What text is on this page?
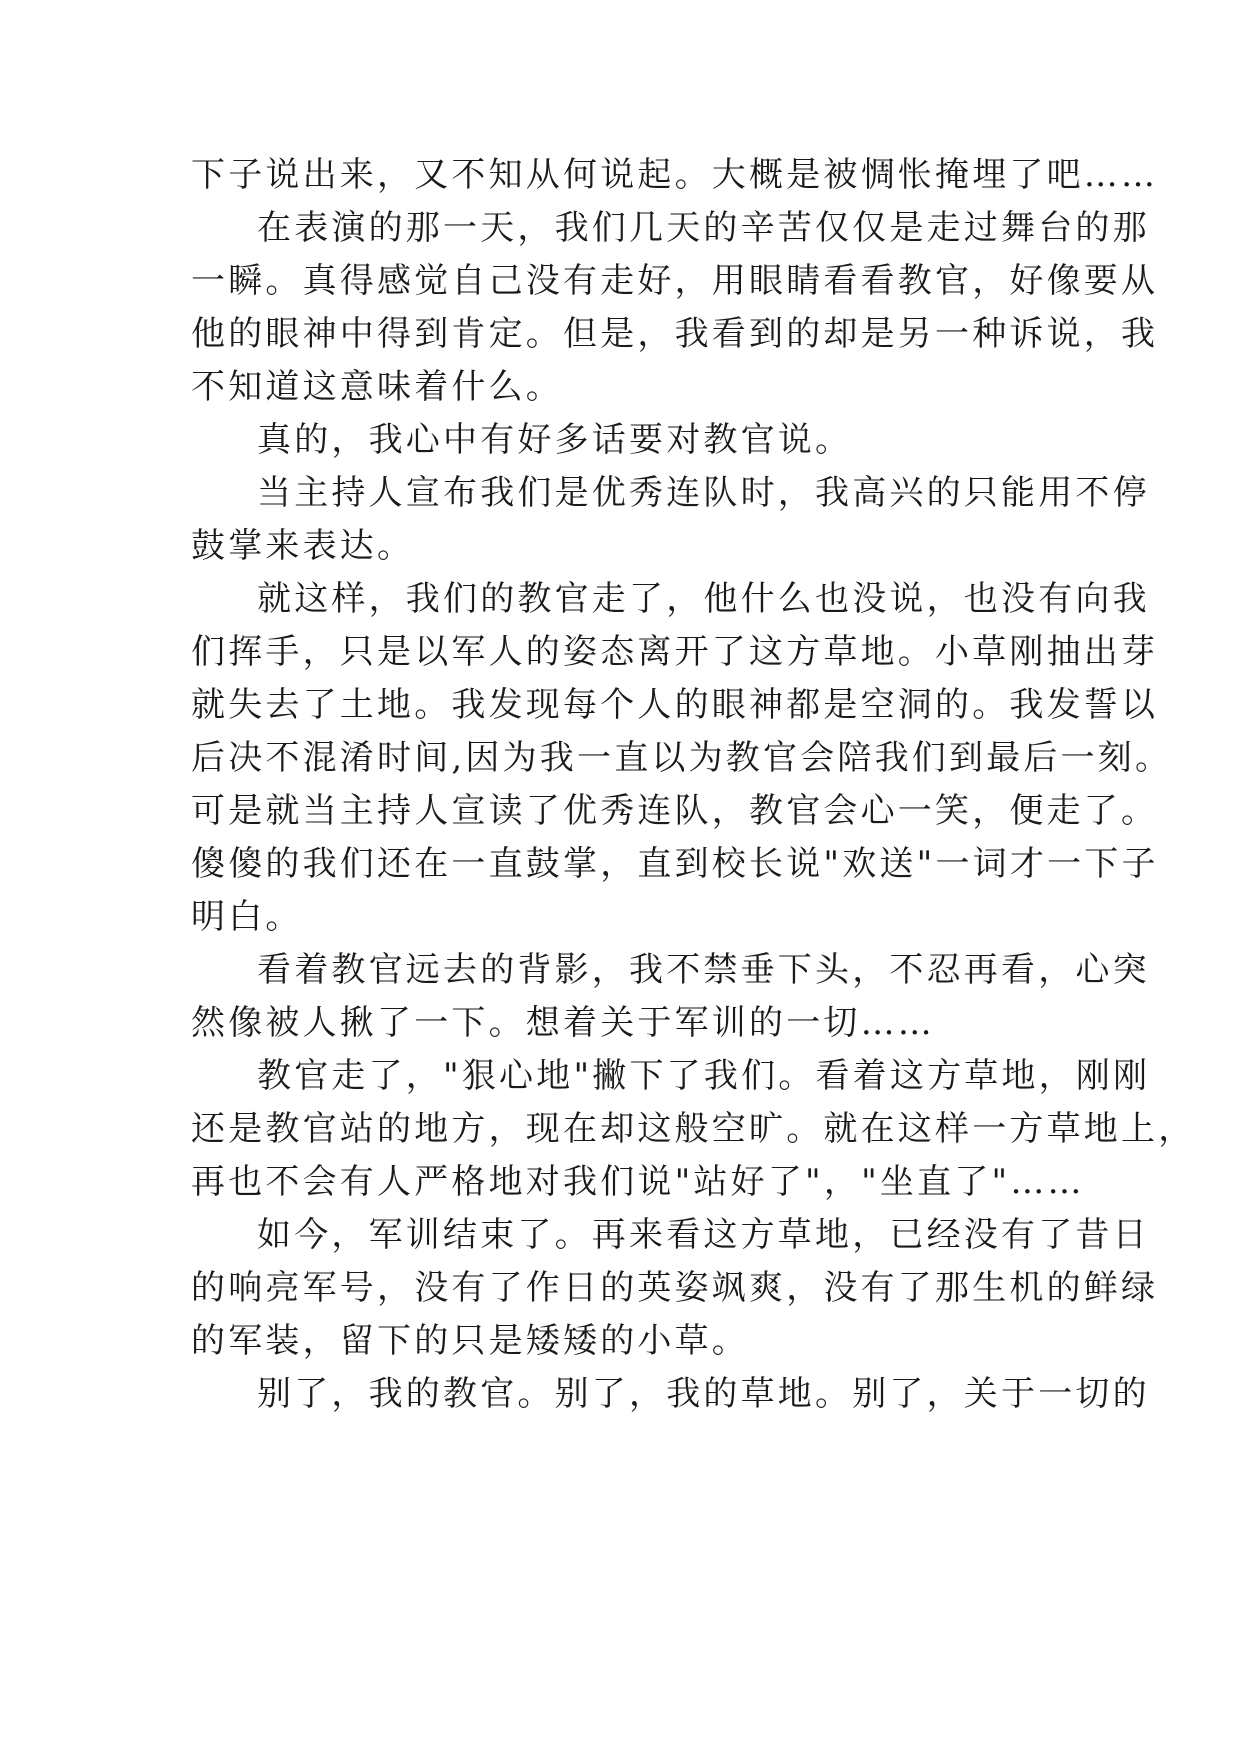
下子说出来，又不知从何说起。大概是被惆怅掩埋了吧……
在表演的那一天，我们几天的辛苦仅仅是走过舞台的那
一瞬。真得感觉自己没有走好，用眼睛看看教官，好像要从
他的眼神中得到肯定。但是，我看到的却是另一种诉说，我
不知道这意味着什么。
真的，我心中有好多话要对教官说。
当主持人宣布我们是优秀连队时，我高兴的只能用不停
鼓掌来表达。
就这样，我们的教官走了，他什么也没说，也没有向我
们挥手，只是以军人的姿态离开了这方草地。小草刚抽出芽
就失去了土地。我发现每个人的眼神都是空洞的。我发誓以
后决不混淆时间,因为我一直以为教官会陪我们到最后一刻。
可是就当主持人宣读了优秀连队，教官会心一笑，便走了。
傻傻的我们还在一直鼓掌，直到校长说"欢送"一词才一下子
明白。
看着教官远去的背影，我不禁垂下头，不忍再看，心突
然像被人揪了一下。想着关于军训的一切……
教官走了，"狠心地"撇下了我们。看着这方草地，刚刚
还是教官站的地方，现在却这般空旷。就在这样一方草地上，
再也不会有人严格地对我们说"站好了"，"坐直了"……
如今，军训结束了。再来看这方草地，已经没有了昔日
的响亮军号，没有了作日的英姿飒爽，没有了那生机的鲜绿
的军装，留下的只是矮矮的小草。
别了，我的教官。别了，我的草地。别了，关于一切的
